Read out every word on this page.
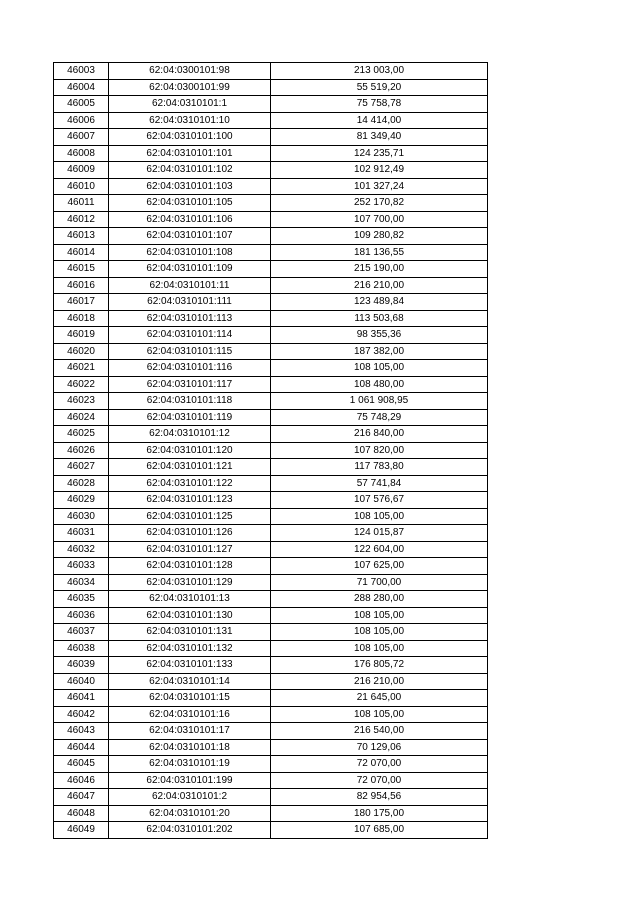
46003	62:04:0300101:98	213 003,00
46004	62:04:0300101:99	55 519,20
46005	62:04:0310101:1	75 758,78
46006	62:04:0310101:10	14 414,00
46007	62:04:0310101:100	81 349,40
46008	62:04:0310101:101	124 235,71
46009	62:04:0310101:102	102 912,49
46010	62:04:0310101:103	101 327,24
46011	62:04:0310101:105	252 170,82
46012	62:04:0310101:106	107 700,00
46013	62:04:0310101:107	109 280,82
46014	62:04:0310101:108	181 136,55
46015	62:04:0310101:109	215 190,00
46016	62:04:0310101:11	216 210,00
46017	62:04:0310101:111	123 489,84
46018	62:04:0310101:113	113 503,68
46019	62:04:0310101:114	98 355,36
46020	62:04:0310101:115	187 382,00
46021	62:04:0310101:116	108 105,00
46022	62:04:0310101:117	108 480,00
46023	62:04:0310101:118	1 061 908,95
46024	62:04:0310101:119	75 748,29
46025	62:04:0310101:12	216 840,00
46026	62:04:0310101:120	107 820,00
46027	62:04:0310101:121	117 783,80
46028	62:04:0310101:122	57 741,84
46029	62:04:0310101:123	107 576,67
46030	62:04:0310101:125	108 105,00
46031	62:04:0310101:126	124 015,87
46032	62:04:0310101:127	122 604,00
46033	62:04:0310101:128	107 625,00
46034	62:04:0310101:129	71 700,00
46035	62:04:0310101:13	288 280,00
46036	62:04:0310101:130	108 105,00
46037	62:04:0310101:131	108 105,00
46038	62:04:0310101:132	108 105,00
46039	62:04:0310101:133	176 805,72
46040	62:04:0310101:14	216 210,00
46041	62:04:0310101:15	21 645,00
46042	62:04:0310101:16	108 105,00
46043	62:04:0310101:17	216 540,00
46044	62:04:0310101:18	70 129,06
46045	62:04:0310101:19	72 070,00
46046	62:04:0310101:199	72 070,00
46047	62:04:0310101:2	82 954,56
46048	62:04:0310101:20	180 175,00
46049	62:04:0310101:202	107 685,00
